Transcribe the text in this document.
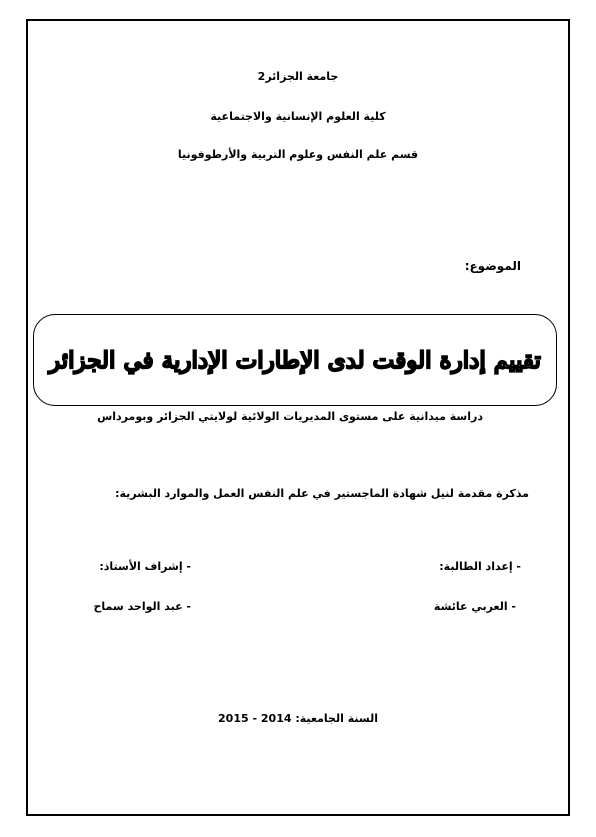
جامعة الجزائر2
كلية العلوم الإنسانية والاجتماعية
قسم علم النفس وعلوم التربية والأرطوفونيا
الموضوع:
تقييم إدارة الوقت لدى الإطارات الإدارية في الجزائر
دراسة ميدانية على مستوى المديريات الولائية لولايتي الجزائر وبومرداس
مذكرة مقدمة لنيل شهادة الماجستير في علم النفس العمل والموارد البشرية:
- إعداد الطالبة:
- إشراف الأستاذ:
- العربي عائشة
- عبد الواحد سماح
السنة الجامعية: 2014 - 2015
